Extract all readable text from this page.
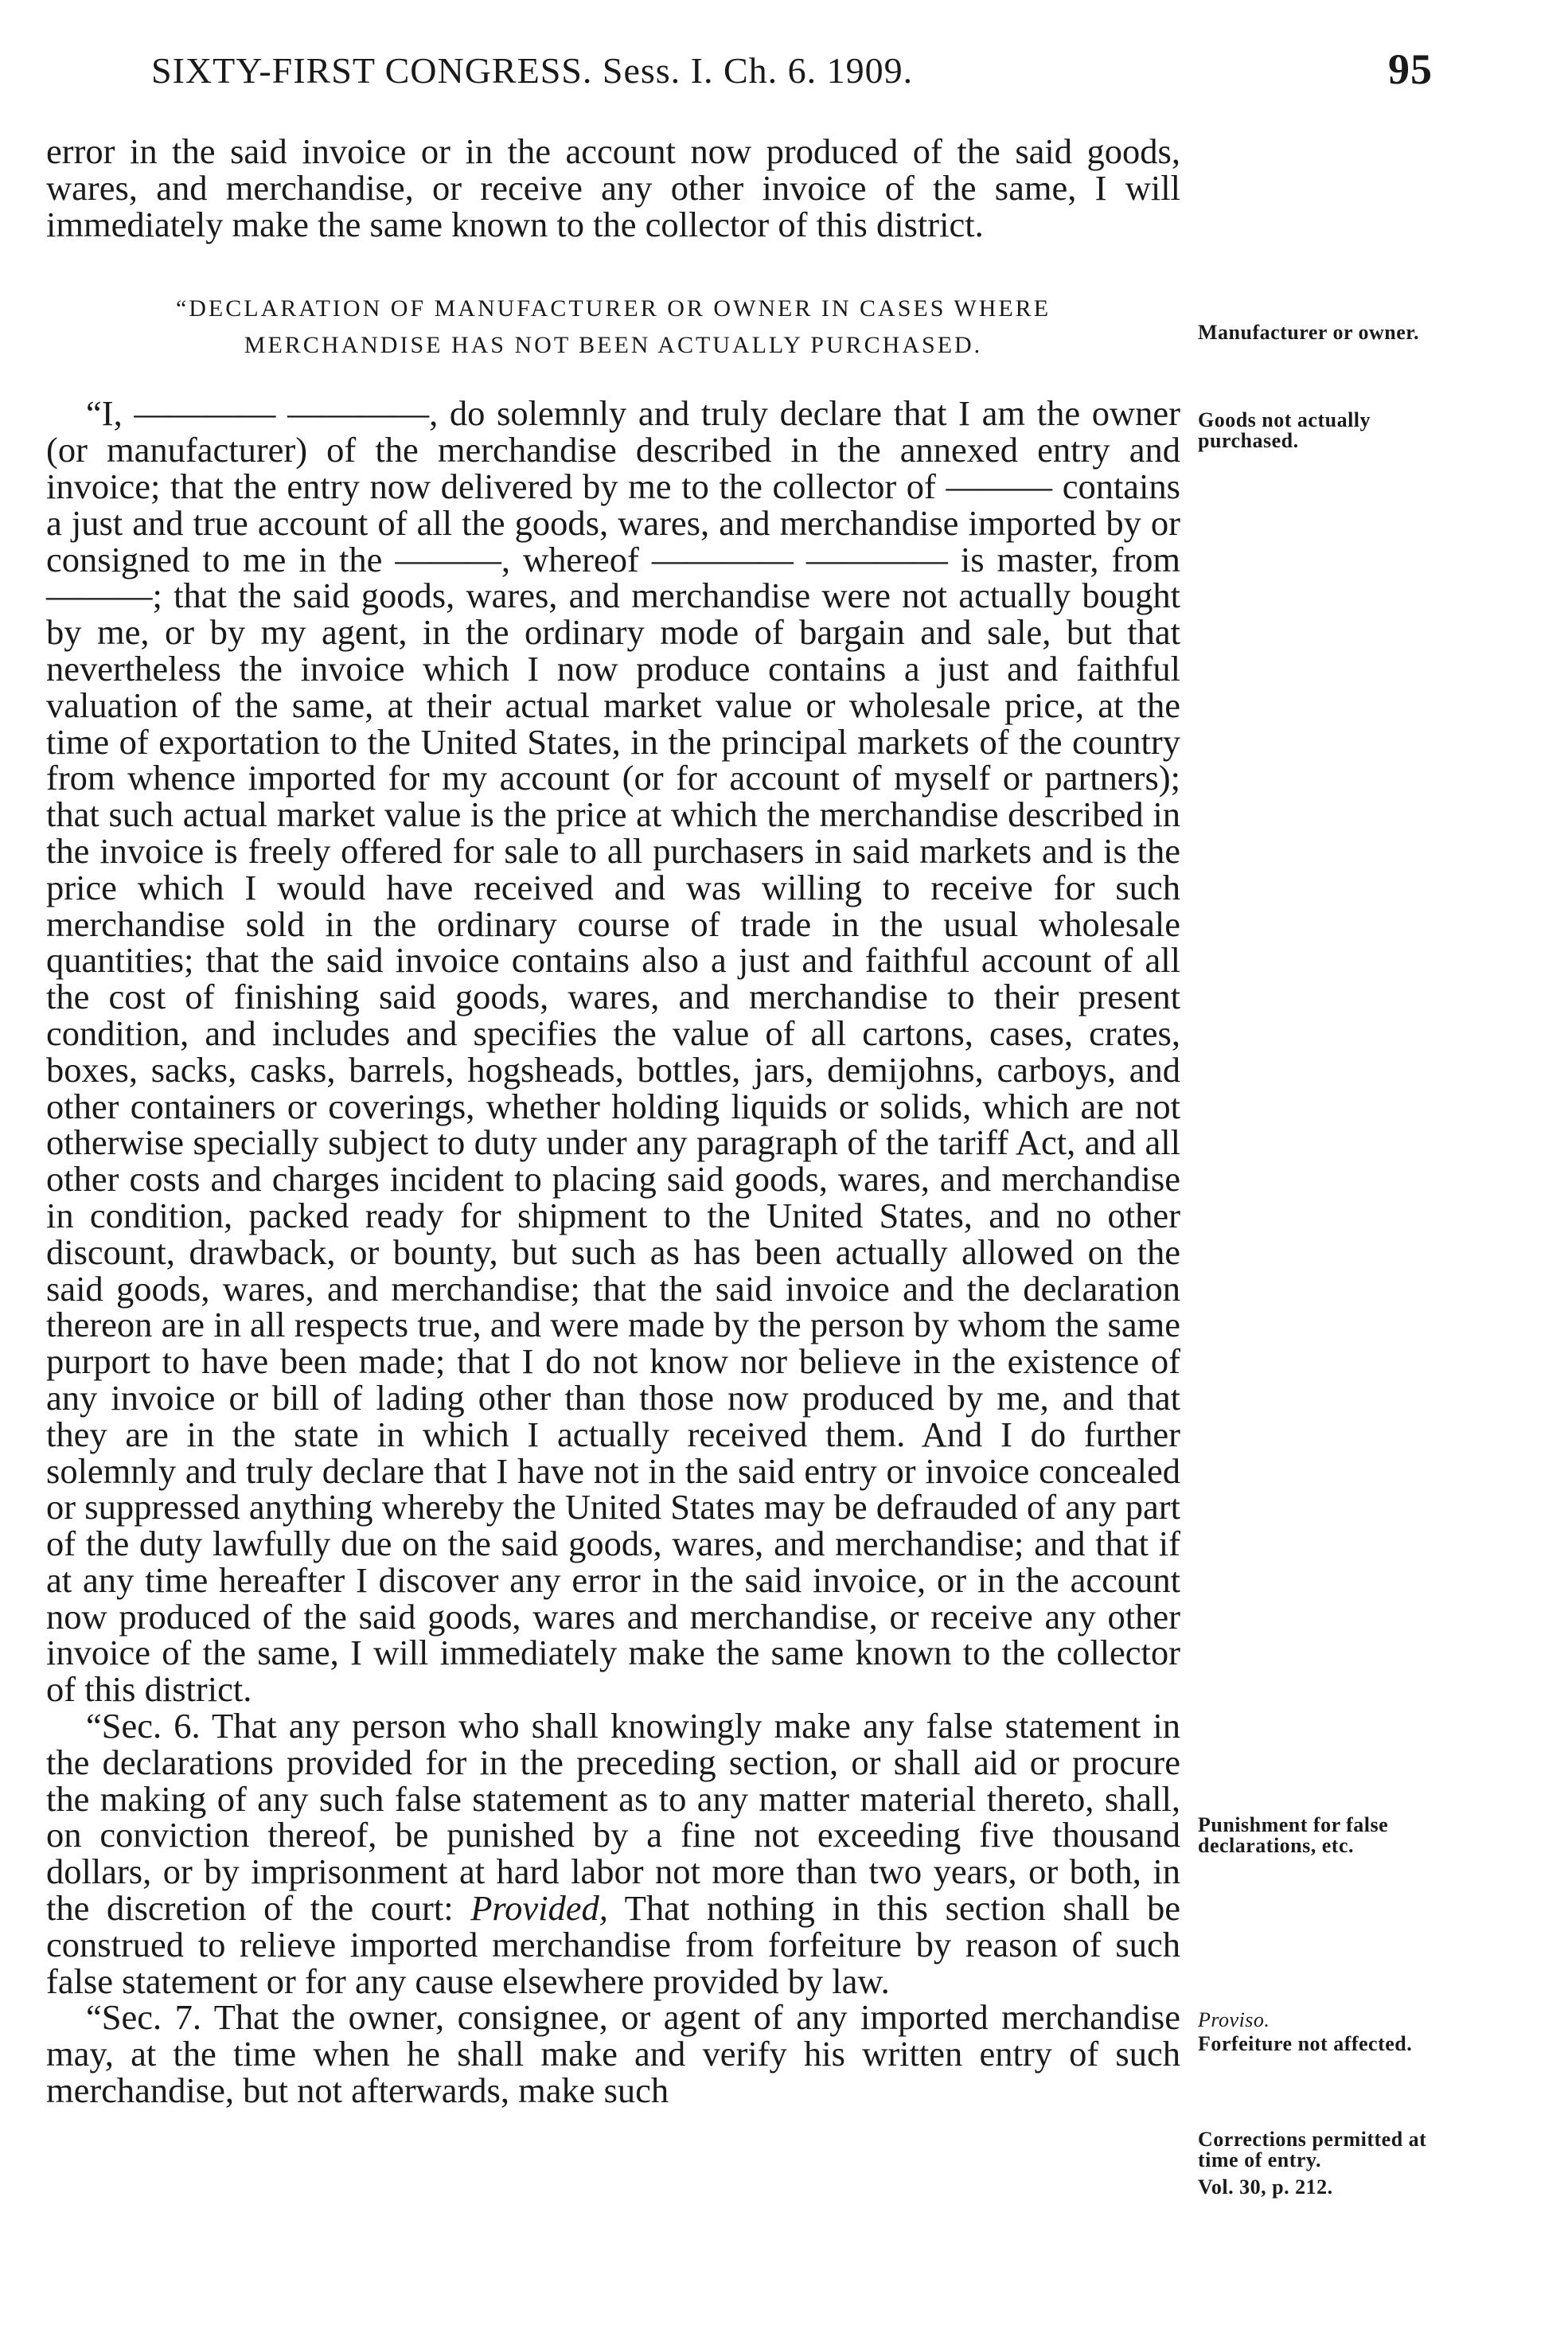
SIXTY-FIRST CONGRESS. Sess. I. Ch. 6. 1909.	95

error in the said invoice or in the account now produced of the said goods, wares, and merchandise, or receive any other invoice of the same, I will immediately make the same known to the collector of this district.

“DECLARATION OF MANUFACTURER OR OWNER IN CASES WHERE
MERCHANDISE HAS NOT BEEN ACTUALLY PURCHASED.

“I, ———— ————, do solemnly and truly declare that I am the owner (or manufacturer) of the merchandise described in the annexed entry and invoice; that the entry now delivered by me to the collector of ——— contains a just and true account of all the goods, wares, and merchandise imported by or consigned to me in the ———, whereof ———— ———— is master, from ———; that the said goods, wares, and merchandise were not actually bought by me, or by my agent, in the ordinary mode of bargain and sale, but that nevertheless the invoice which I now produce contains a just and faithful valuation of the same, at their actual market value or wholesale price, at the time of exportation to the United States, in the principal markets of the country from whence imported for my account (or for account of myself or partners); that such actual market value is the price at which the merchandise described in the invoice is freely offered for sale to all purchasers in said markets and is the price which I would have received and was willing to receive for such merchandise sold in the ordinary course of trade in the usual wholesale quantities; that the said invoice contains also a just and faithful account of all the cost of finishing said goods, wares, and merchandise to their present condition, and includes and specifies the value of all cartons, cases, crates, boxes, sacks, casks, barrels, hogsheads, bottles, jars, demijohns, carboys, and other containers or coverings, whether holding liquids or solids, which are not otherwise specially subject to duty under any paragraph of the tariff Act, and all other costs and charges incident to placing said goods, wares, and merchandise in condition, packed ready for shipment to the United States, and no other discount, drawback, or bounty, but such as has been actually allowed on the said goods, wares, and merchandise; that the said invoice and the declaration thereon are in all respects true, and were made by the person by whom the same purport to have been made; that I do not know nor believe in the existence of any invoice or bill of lading other than those now produced by me, and that they are in the state in which I actually received them. And I do further solemnly and truly declare that I have not in the said entry or invoice concealed or suppressed anything whereby the United States may be defrauded of any part of the duty lawfully due on the said goods, wares, and merchandise; and that if at any time hereafter I discover any error in the said invoice, or in the account now produced of the said goods, wares and merchandise, or receive any other invoice of the same, I will immediately make the same known to the collector of this district.

“Sec. 6. That any person who shall knowingly make any false statement in the declarations provided for in the preceding section, or shall aid or procure the making of any such false statement as to any matter material thereto, shall, on conviction thereof, be punished by a fine not exceeding five thousand dollars, or by imprisonment at hard labor not more than two years, or both, in the discretion of the court: Provided, That nothing in this section shall be construed to relieve imported merchandise from forfeiture by reason of such false statement or for any cause elsewhere provided by law.

“Sec. 7. That the owner, consignee, or agent of any imported merchandise may, at the time when he shall make and verify his written entry of such merchandise, but not afterwards, make such

Manufacturer or owner.
Goods not actually purchased.
Punishment for false declarations, etc.
Proviso.
Forfeiture not affected.
Corrections permitted at time of entry.
Vol. 30, p. 212.
